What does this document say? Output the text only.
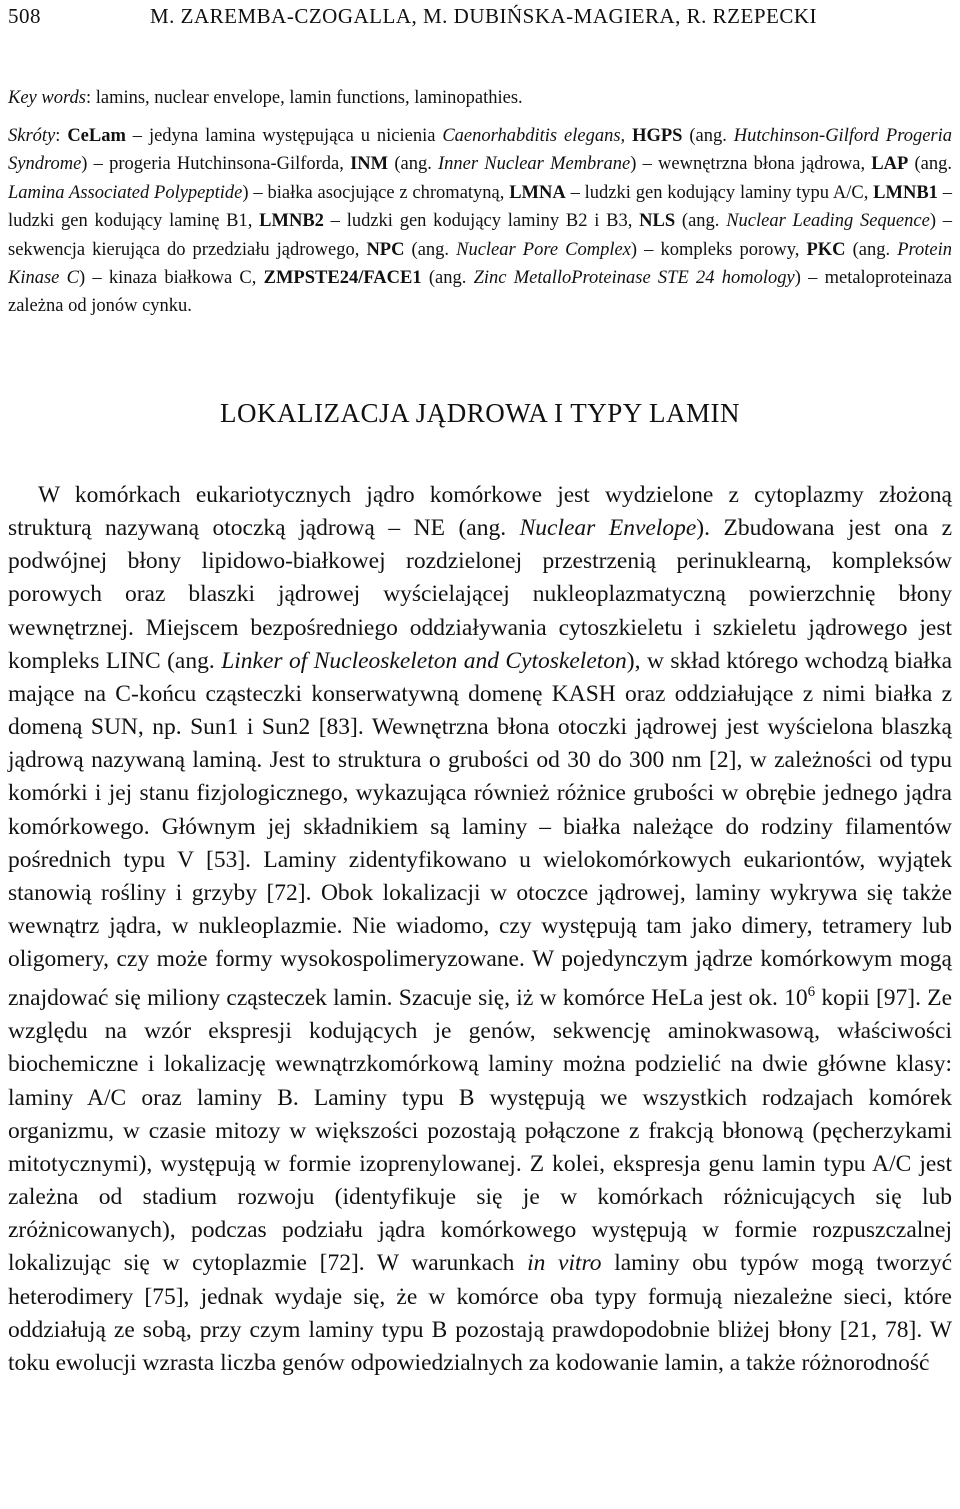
508	M. ZAREMBA-CZOGALLA, M. DUBIŃSKA-MAGIERA, R. RZEPECKI

Key words: lamins, nuclear envelope, lamin functions, laminopathies.

Skróty: CeLam – jedyna lamina występująca u nicienia Caenorhabditis elegans, HGPS (ang. Hutchinson-Gilford Progeria Syndrome) – progeria Hutchinsona-Gilforda, INM (ang. Inner Nuclear Membrane) – wewnętrzna błona jądrowa, LAP (ang. Lamina Associated Polypeptide) – białka asocjujące z chromatyną, LMNA – ludzki gen kodujący laminy typu A/C, LMNB1 – ludzki gen kodujący laminę B1, LMNB2 – ludzki gen kodujący laminy B2 i B3, NLS (ang. Nuclear Leading Sequence) – sekwencja kierująca do przedziału jądrowego, NPC (ang. Nuclear Pore Complex) – kompleks porowy, PKC (ang. Protein Kinase C) – kinaza białkowa C, ZMPSTE24/FACE1 (ang. Zinc MetalloProteinase STE 24 homology) – metaloproteinaza zależna od jonów cynku.

LOKALIZACJA JĄDROWA I TYPY LAMIN

W komórkach eukariotycznych jądro komórkowe jest wydzielone z cytoplazmy złożoną strukturą nazywaną otoczką jądrową – NE (ang. Nuclear Envelope). Zbudowana jest ona z podwójnej błony lipidowo-białkowej rozdzielonej przestrzenią perinuklearną, kompleksów porowych oraz blaszki jądrowej wyścielającej nukleoplazmatyczną powierzchnię błony wewnętrznej. Miejscem bezpośredniego oddziaływania cytoszkieletu i szkieletu jądrowego jest kompleks LINC (ang. Linker of Nucleoskeleton and Cytoskeleton), w skład którego wchodzą białka mające na C-końcu cząsteczki konserwatywną domenę KASH oraz oddziałujące z nimi białka z domeną SUN, np. Sun1 i Sun2 [83]. Wewnętrzna błona otoczki jądrowej jest wyścielona blaszką jądrową nazywaną laminą. Jest to struktura o grubości od 30 do 300 nm [2], w zależności od typu komórki i jej stanu fizjologicznego, wykazująca również różnice grubości w obrębie jednego jądra komórkowego. Głównym jej składnikiem są laminy – białka należące do rodziny filamentów pośrednich typu V [53]. Laminy zidentyfikowano u wielokomórkowych eukariontów, wyjątek stanowią rośliny i grzyby [72]. Obok lokalizacji w otoczce jądrowej, laminy wykrywa się także wewnątrz jądra, w nukleoplazmie. Nie wiadomo, czy występują tam jako dimery, tetramery lub oligomery, czy może formy wysokospolimeryzowane. W pojedynczym jądrze komórkowym mogą znajdować się miliony cząsteczek lamin. Szacuje się, iż w komórce HeLa jest ok. $10^6$ kopii [97]. Ze względu na wzór ekspresji kodujących je genów, sekwencję aminokwasową, właściwości biochemiczne i lokalizację wewnątrzkomórkową laminy można podzielić na dwie główne klasy: laminy A/C oraz laminy B. Laminy typu B występują we wszystkich rodzajach komórek organizmu, w czasie mitozy w większości pozostają połączone z frakcją błonową (pęcherzykami mitotycznymi), występują w formie izoprenylowanej. Z kolei, ekspresja genu lamin typu A/C jest zależna od stadium rozwoju (identyfikuje się je w komórkach różnicujących się lub zróżnicowanych), podczas podziału jądra komórkowego występują w formie rozpuszczalnej lokalizując się w cytoplazmie [72]. W warunkach in vitro laminy obu typów mogą tworzyć heterodimery [75], jednak wydaje się, że w komórce oba typy formują niezależne sieci, które oddziałują ze sobą, przy czym laminy typu B pozostają prawdopodobnie bliżej błony [21, 78]. W toku ewolucji wzrasta liczba genów odpowiedzialnych za kodowanie lamin, a także różnorodność
